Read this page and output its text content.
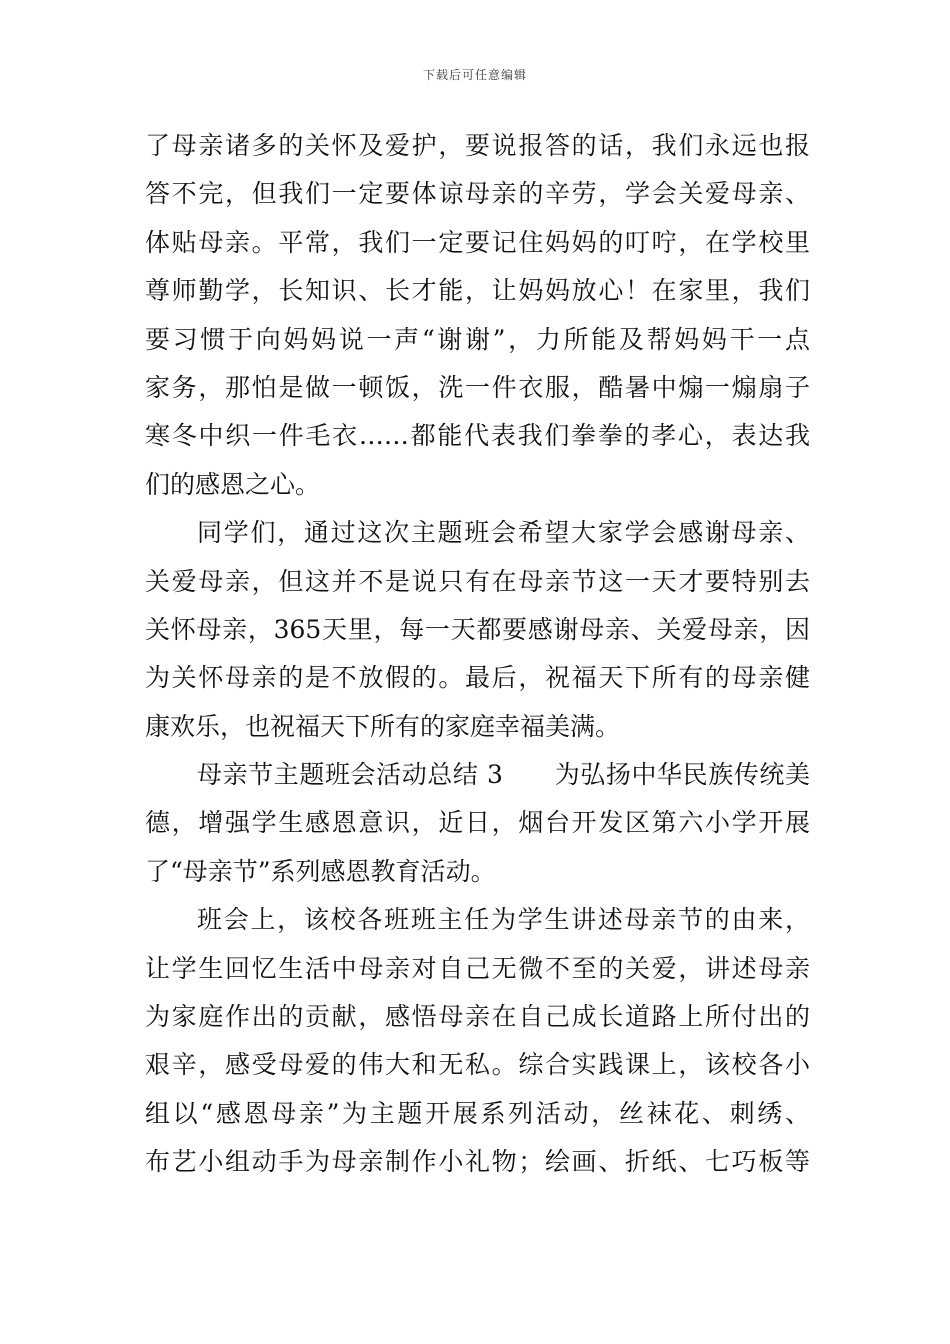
下载后可任意编辑
了母亲诸多的关怀及爱护，要说报答的话，我们永远也报
答不完，但我们一定要体谅母亲的辛劳，学会关爱母亲、
体贴母亲。平常，我们一定要记住妈妈的叮咛，在学校里
尊师勤学，长知识、长才能，让妈妈放心！在家里，我们
要习惯于向妈妈说一声“谢谢”，力所能及帮妈妈干一点
家务，那怕是做一顿饭，洗一件衣服，酷暑中煽一煽扇子
寒冬中织一件毛衣……都能代表我们拳拳的孝心，表达我
们的感恩之心。
同学们，通过这次主题班会希望大家学会感谢母亲、
关爱母亲，但这并不是说只有在母亲节这一天才要特别去
关怀母亲，365天里，每一天都要感谢母亲、关爱母亲，因
为关怀母亲的是不放假的。最后，祝福天下所有的母亲健
康欢乐，也祝福天下所有的家庭幸福美满。
母亲节主题班会活动总结 3　　为弘扬中华民族传统美
德，增强学生感恩意识，近日，烟台开发区第六小学开展
了“母亲节”系列感恩教育活动。
班会上，该校各班班主任为学生讲述母亲节的由来，
让学生回忆生活中母亲对自己无微不至的关爱，讲述母亲
为家庭作出的贡献，感悟母亲在自己成长道路上所付出的
艰辛，感受母爱的伟大和无私。综合实践课上，该校各小
组以“感恩母亲”为主题开展系列活动，丝袜花、刺绣、
布艺小组动手为母亲制作小礼物；绘画、折纸、七巧板等
